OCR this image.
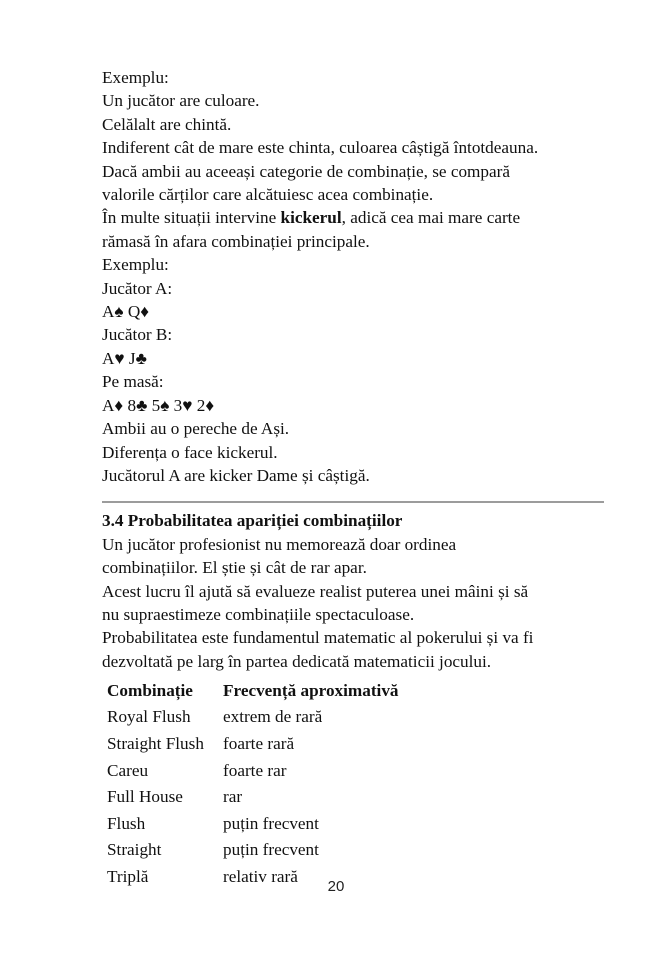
Exemplu:

Un jucător are culoare.

Celălalt are chintă.

Indiferent cât de mare este chinta, culoarea câștigă întotdeauna.

Dacă ambii au aceeași categorie de combinație, se compară

valorile cărților care alcătuiesc acea combinație.

În multe situații intervine kickerul, adică cea mai mare carte

rămasă în afara combinației principale.

Exemplu:

Jucător A:

A♠ Q♦

Jucător B:

A♥ J♣

Pe masă:

A♦ 8♣ 5♠ 3♥ 2♦

Ambii au o pereche de Ași.

Diferența o face kickerul.

Jucătorul A are kicker Dame și câștigă.

3.4 Probabilitatea apariției combinațiilor

Un jucător profesionist nu memorează doar ordinea

combinațiilor. El știe și cât de rar apar.

Acest lucru îl ajută să evalueze realist puterea unei mâini și să

nu supraestimeze combinațiile spectaculoase.

Probabilitatea este fundamentul matematic al pokerului și va fi

dezvoltată pe larg în partea dedicată matematicii jocului.

Combinație	Frecvență aproximativă
Royal Flush	extrem de rară
Straight Flush	foarte rară
Careu	foarte rar
Full House	rar
Flush	puțin frecvent
Straight	puțin frecvent
Triplă	relativ rară
20
